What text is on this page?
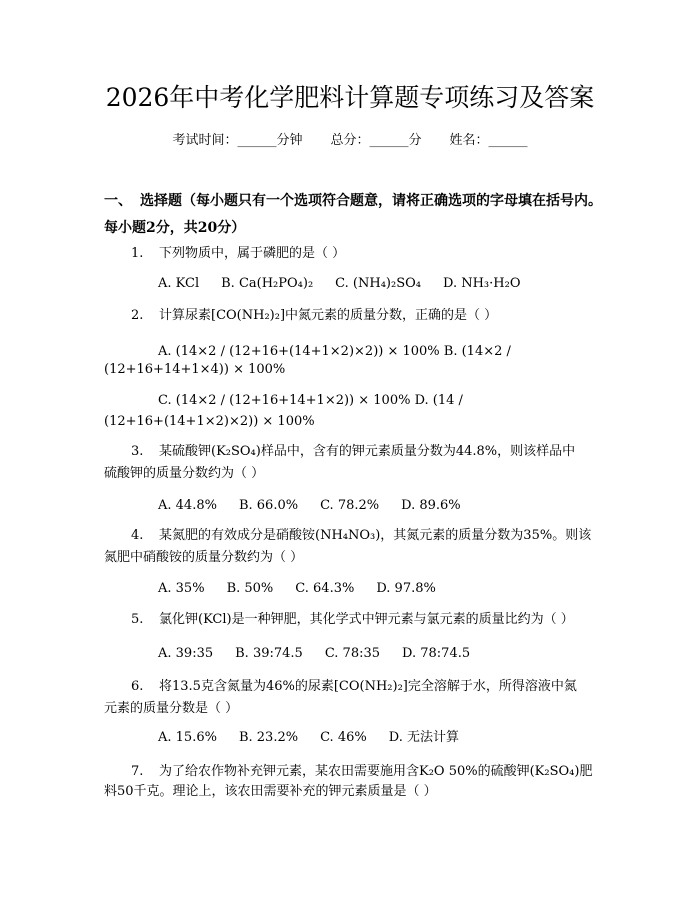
2026年中考化学肥料计算题专项练习及答案
考试时间：______分钟 总分：______分 姓名：______
一、 选择题（每小题只有一个选项符合题意，请将正确选项的字母填在括号内。
每小题2分，共20分）
1. 下列物质中，属于磷肥的是（ ）
A. KCl B. Ca(H₂PO₄)₂ C. (NH₄)₂SO₄ D. NH₃·H₂O
2. 计算尿素[CO(NH₂)₂]中氮元素的质量分数，正确的是（ ）
A. (14×2 / (12+16+(14+1×2)×2)) × 100% B. (14×2 /
(12+16+14+1×4)) × 100%
C. (14×2 / (12+16+14+1×2)) × 100% D. (14 /
(12+16+(14+1×2)×2)) × 100%
3. 某硫酸钾(K₂SO₄)样品中，含有的钾元素质量分数为44.8%，则该样品中
硫酸钾的质量分数约为（ ）
A. 44.8% B. 66.0% C. 78.2% D. 89.6%
4. 某氮肥的有效成分是硝酸铵(NH₄NO₃)，其氮元素的质量分数为35%。则该
氮肥中硝酸铵的质量分数约为（ ）
A. 35% B. 50% C. 64.3% D. 97.8%
5. 氯化钾(KCl)是一种钾肥，其化学式中钾元素与氯元素的质量比约为（ ）
A. 39:35 B. 39:74.5 C. 78:35 D. 78:74.5
6. 将13.5克含氮量为46%的尿素[CO(NH₂)₂]完全溶解于水，所得溶液中氮
元素的质量分数是（ ）
A. 15.6% B. 23.2% C. 46% D. 无法计算
7. 为了给农作物补充钾元素，某农田需要施用含K₂O 50%的硫酸钾(K₂SO₄)肥
料50千克。理论上，该农田需要补充的钾元素质量是（ ）
